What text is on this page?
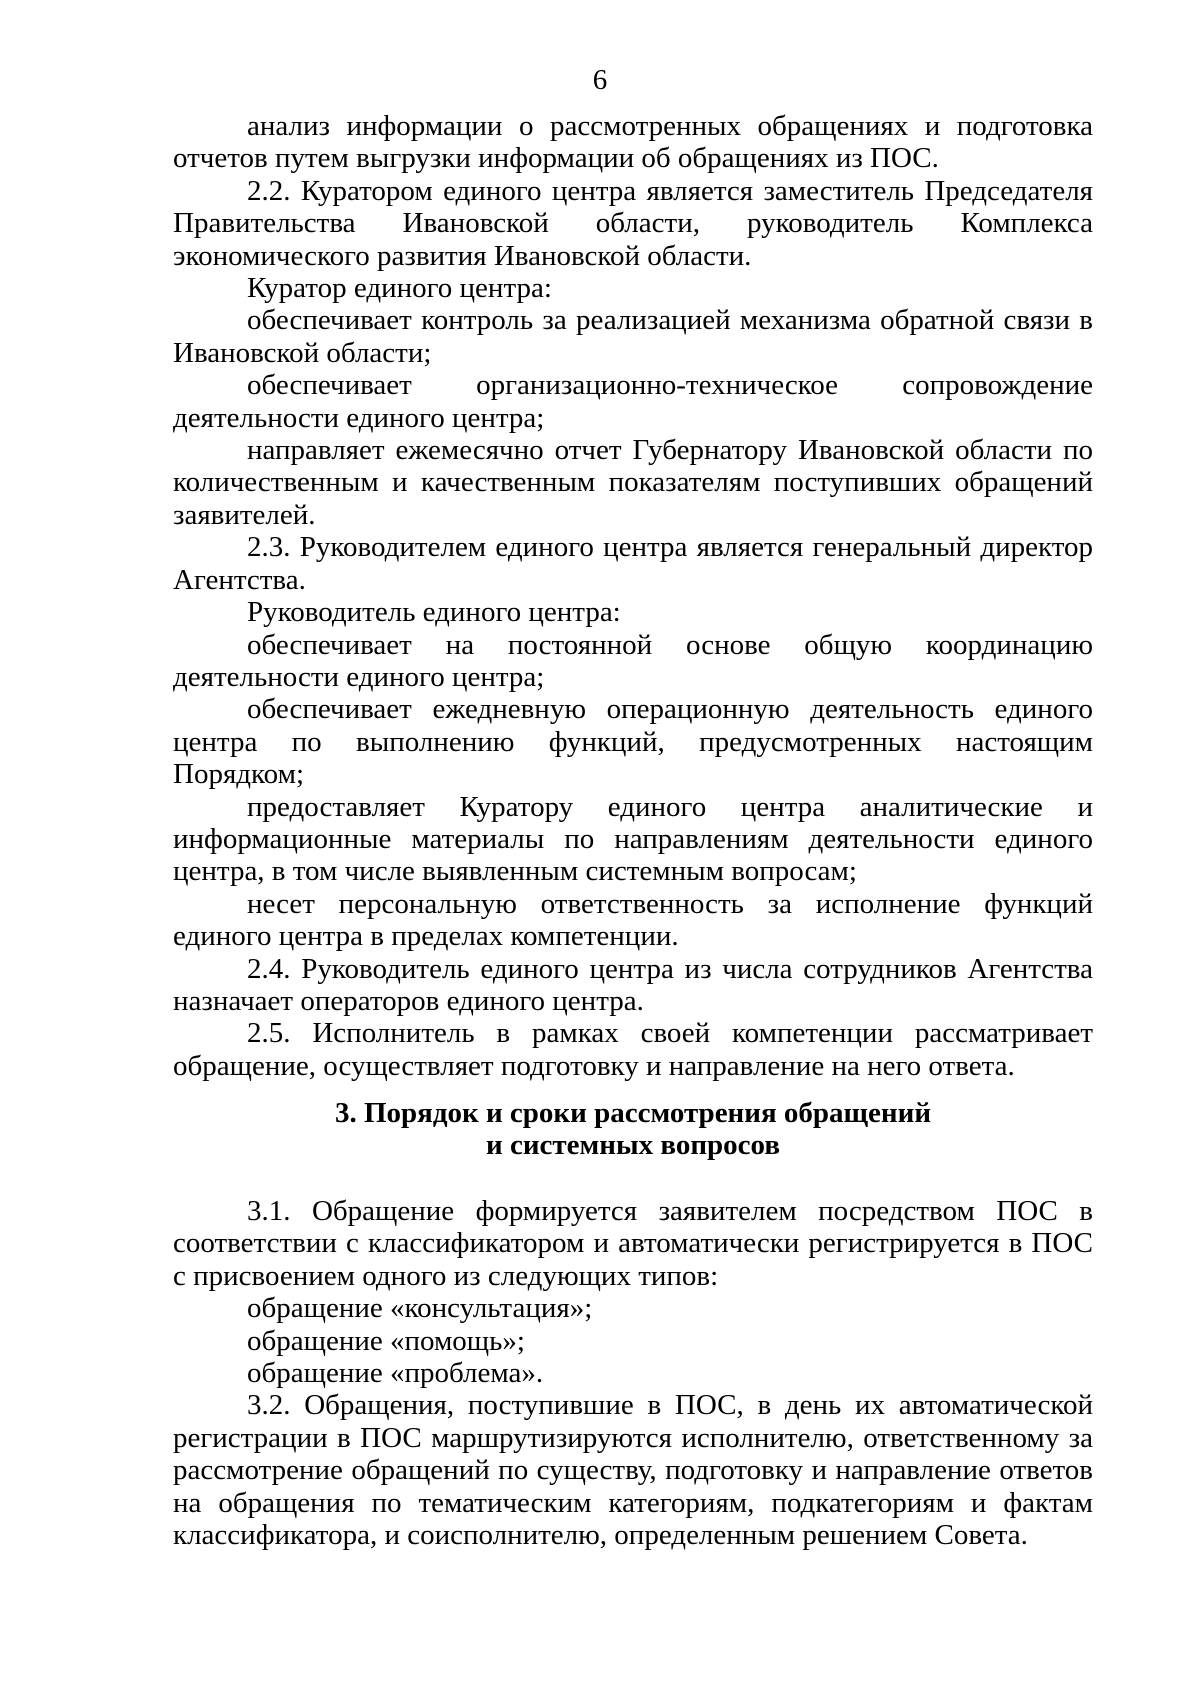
6

анализ информации о рассмотренных обращениях и подготовка отчетов путем выгрузки информации об обращениях из ПОС.

2.2. Куратором единого центра является заместитель Председателя Правительства Ивановской области, руководитель Комплекса экономического развития Ивановской области.

Куратор единого центра:

обеспечивает контроль за реализацией механизма обратной связи в Ивановской области;

обеспечивает организационно-техническое сопровождение деятельности единого центра;

направляет ежемесячно отчет Губернатору Ивановской области по количественным и качественным показателям поступивших обращений заявителей.

2.3. Руководителем единого центра является генеральный директор Агентства.

Руководитель единого центра:

обеспечивает на постоянной основе общую координацию деятельности единого центра;

обеспечивает ежедневную операционную деятельность единого центра по выполнению функций, предусмотренных настоящим Порядком;

предоставляет Куратору единого центра аналитические и информационные материалы по направлениям деятельности единого центра, в том числе выявленным системным вопросам;

несет персональную ответственность за исполнение функций единого центра в пределах компетенции.

2.4. Руководитель единого центра из числа сотрудников Агентства назначает операторов единого центра.

2.5. Исполнитель в рамках своей компетенции рассматривает обращение, осуществляет подготовку и направление на него ответа.

3. Порядок и сроки рассмотрения обращений
и системных вопросов

3.1. Обращение формируется заявителем посредством ПОС в соответствии с классификатором и автоматически регистрируется в ПОС с присвоением одного из следующих типов:

обращение «консультация»;

обращение «помощь»;

обращение «проблема».

3.2. Обращения, поступившие в ПОС, в день их автоматической регистрации в ПОС маршрутизируются исполнителю, ответственному за рассмотрение обращений по существу, подготовку и направление ответов на обращения по тематическим категориям, подкатегориям и фактам классификатора, и соисполнителю, определенным решением Совета.
